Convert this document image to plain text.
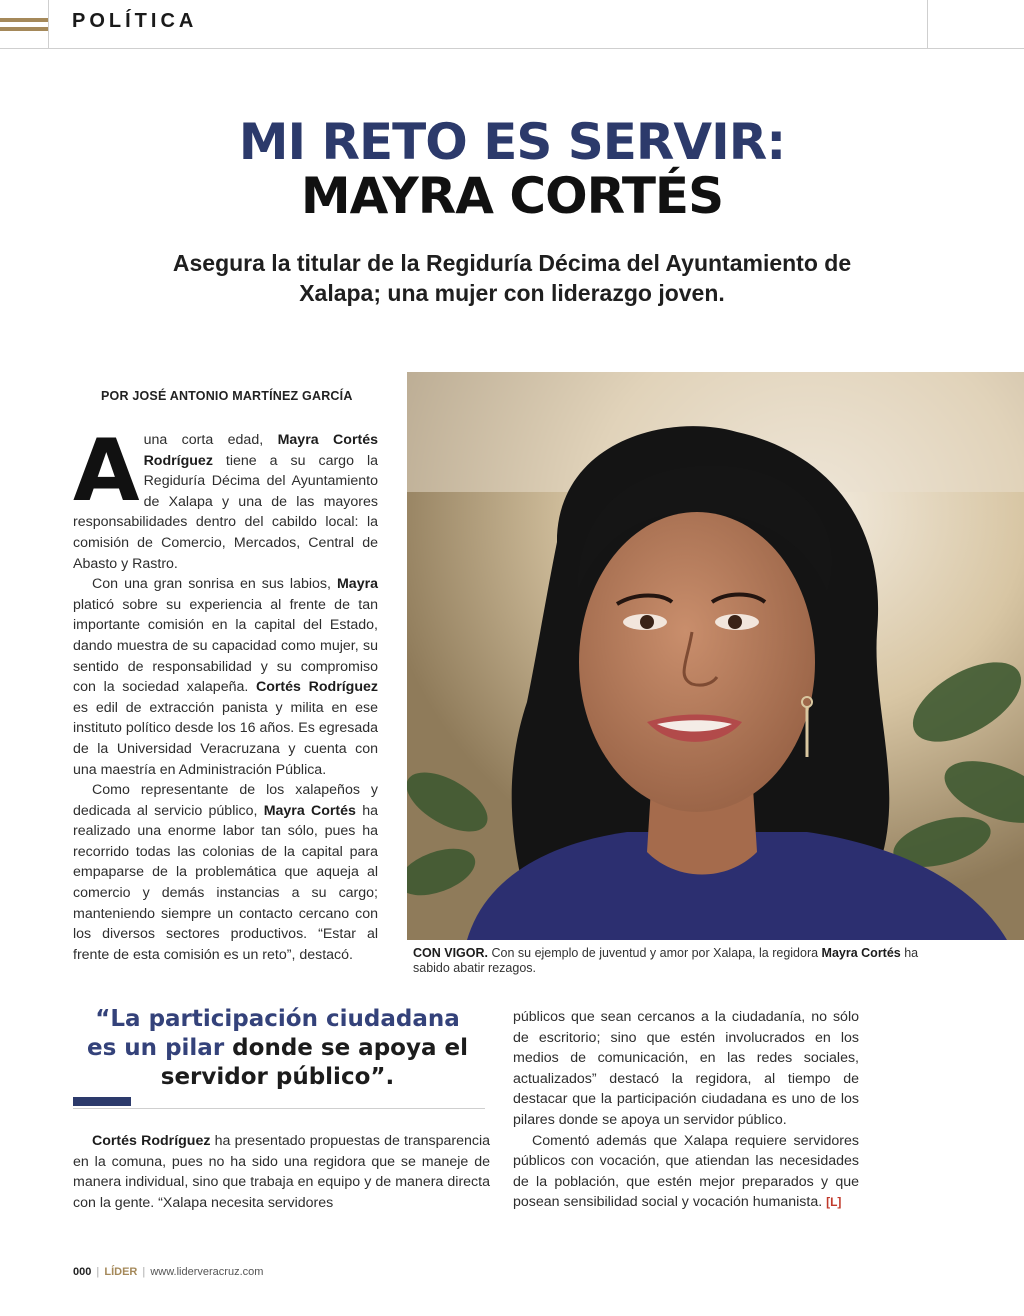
POLÍTICA
MI RETO ES SERVIR:
MAYRA CORTÉS
Asegura la titular de la Regiduría Décima del Ayuntamiento de Xalapa; una mujer con liderazgo joven.
POR JOSÉ ANTONIO MARTÍNEZ GARCÍA

A una corta edad, Mayra Cortés Rodríguez tiene a su cargo la Regiduría Décima del Ayuntamiento de Xalapa y una de las mayores responsabilidades dentro del cabildo local: la comisión de Comercio, Mercados, Central de Abasto y Rastro.

Con una gran sonrisa en sus labios, Mayra platicó sobre su experiencia al frente de tan importante comisión en la capital del Estado, dando muestra de su capacidad como mujer, su sentido de responsabilidad y su compromiso con la sociedad xalapeña. Cortés Rodríguez es edil de extracción panista y milita en ese instituto político desde los 16 años. Es egresada de la Universidad Veracruzana y cuenta con una maestría en Administración Pública.

Como representante de los xalapeños y dedicada al servicio público, Mayra Cortés ha realizado una enorme labor tan sólo, pues ha recorrido todas las colonias de la capital para empaparse de la problemática que aqueja al comercio y demás instancias a su cargo; manteniendo siempre un contacto cercano con los diversos sectores productivos. “Estar al frente de esta comisión es un reto”, destacó.	CON VIGOR. Con su ejemplo de juventud y amor por Xalapa, la regidora Mayra Cortés ha sabido abatir rezagos.
“La participación ciudadana es un pilar donde se apoya el servidor público”.

Cortés Rodríguez ha presentado propuestas de transparencia en la comuna, pues no ha sido una regidora que se maneje de manera individual, sino que trabaja en equipo y de manera directa con la gente. “Xalapa necesita servidores

públicos que sean cercanos a la ciudadanía, no sólo de escritorio; sino que estén involucrados en los medios de comunicación, en las redes sociales, actualizados” destacó la regidora, al tiempo de destacar que la participación ciudadana es uno de los pilares donde se apoya un servidor público.

Comentó además que Xalapa requiere servidores públicos con vocación, que atiendan las necesidades de la población, que estén mejor preparados y que posean sensibilidad social y vocación humanista. [L]

000 | LÍDER | www.liderveracruz.com
